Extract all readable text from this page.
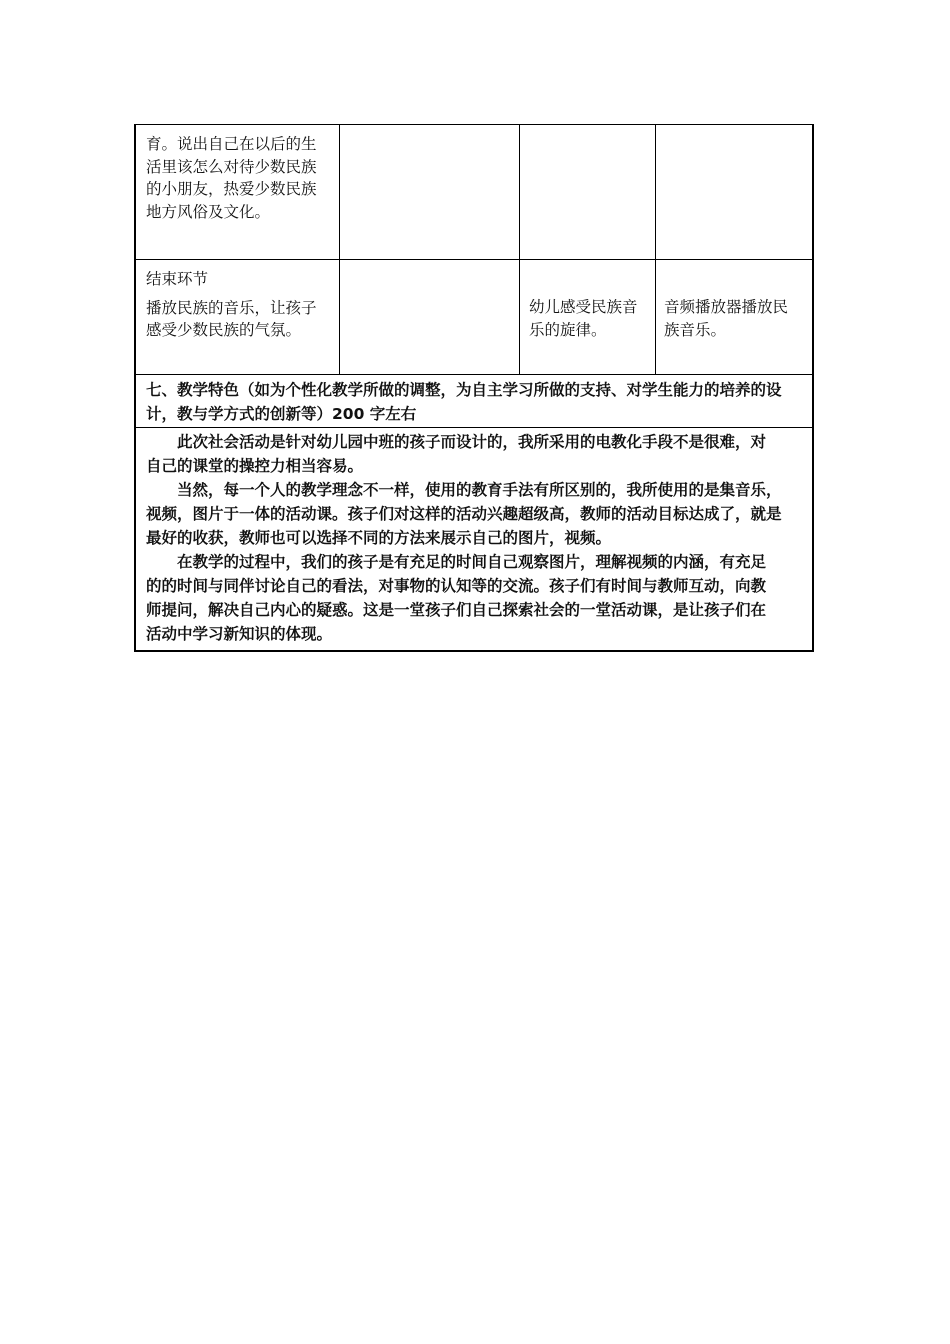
育。说出自己在以后的生

活里该怎么对待少数民族

的小朋友，热爱少数民族

地方风俗及文化。

结束环节

播放民族的音乐，让孩子

感受少数民族的气氛。

幼儿感受民族音

乐的旋律。

音频播放器播放民

族音乐。

七、教学特色（如为个性化教学所做的调整，为自主学习所做的支持、对学生能力的培养的设

计，教与学方式的创新等）200 字左右

此次社会活动是针对幼儿园中班的孩子而设计的，我所采用的电教化手段不是很难，对

自己的课堂的操控力相当容易。

当然，每一个人的教学理念不一样，使用的教育手法有所区别的，我所使用的是集音乐，

视频，图片于一体的活动课。孩子们对这样的活动兴趣超级高，教师的活动目标达成了，就是

最好的收获，教师也可以选择不同的方法来展示自己的图片，视频。

在教学的过程中，我们的孩子是有充足的时间自己观察图片，理解视频的内涵，有充足

的的时间与同伴讨论自己的看法，对事物的认知等的交流。孩子们有时间与教师互动，向教

师提问，解决自己内心的疑惑。这是一堂孩子们自己探索社会的一堂活动课，是让孩子们在

活动中学习新知识的体现。
